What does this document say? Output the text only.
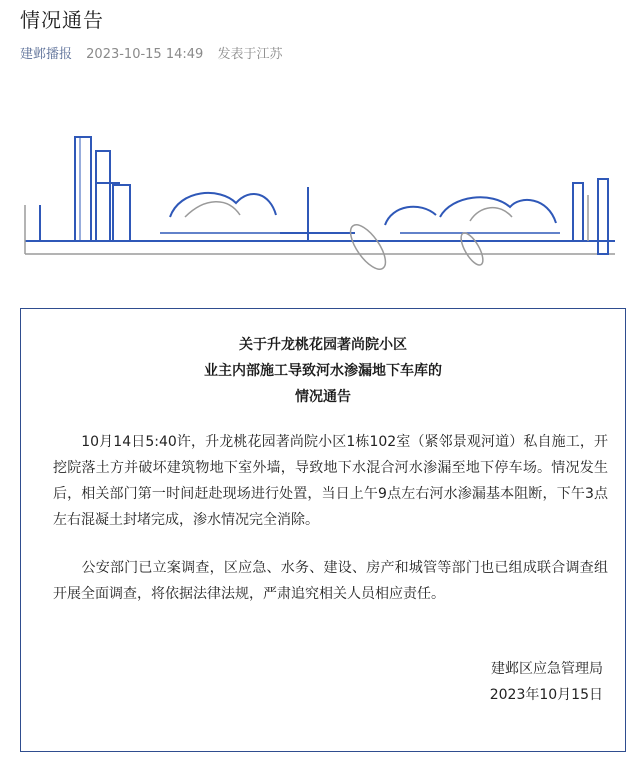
情况通告
建邺播报 2023-10-15 14:49 发表于江苏
关于升龙桃花园著尚院小区
业主内部施工导致河水渗漏地下车库的
情况通告

　　10月14日5:40许，升龙桃花园著尚院小区1栋102室（紧邻景观河道）私自施工，开挖院落土方并破坏建筑物地下室外墙，导致地下水混合河水渗漏至地下停车场。情况发生后，相关部门第一时间赶赴现场进行处置，当日上午9点左右河水渗漏基本阻断，下午3点左右混凝土封堵完成，渗水情况完全消除。

　　公安部门已立案调查，区应急、水务、建设、房产和城管等部门也已组成联合调查组开展全面调查，将依据法律法规，严肃追究相关人员相应责任。

建邺区应急管理局
2023年10月15日
